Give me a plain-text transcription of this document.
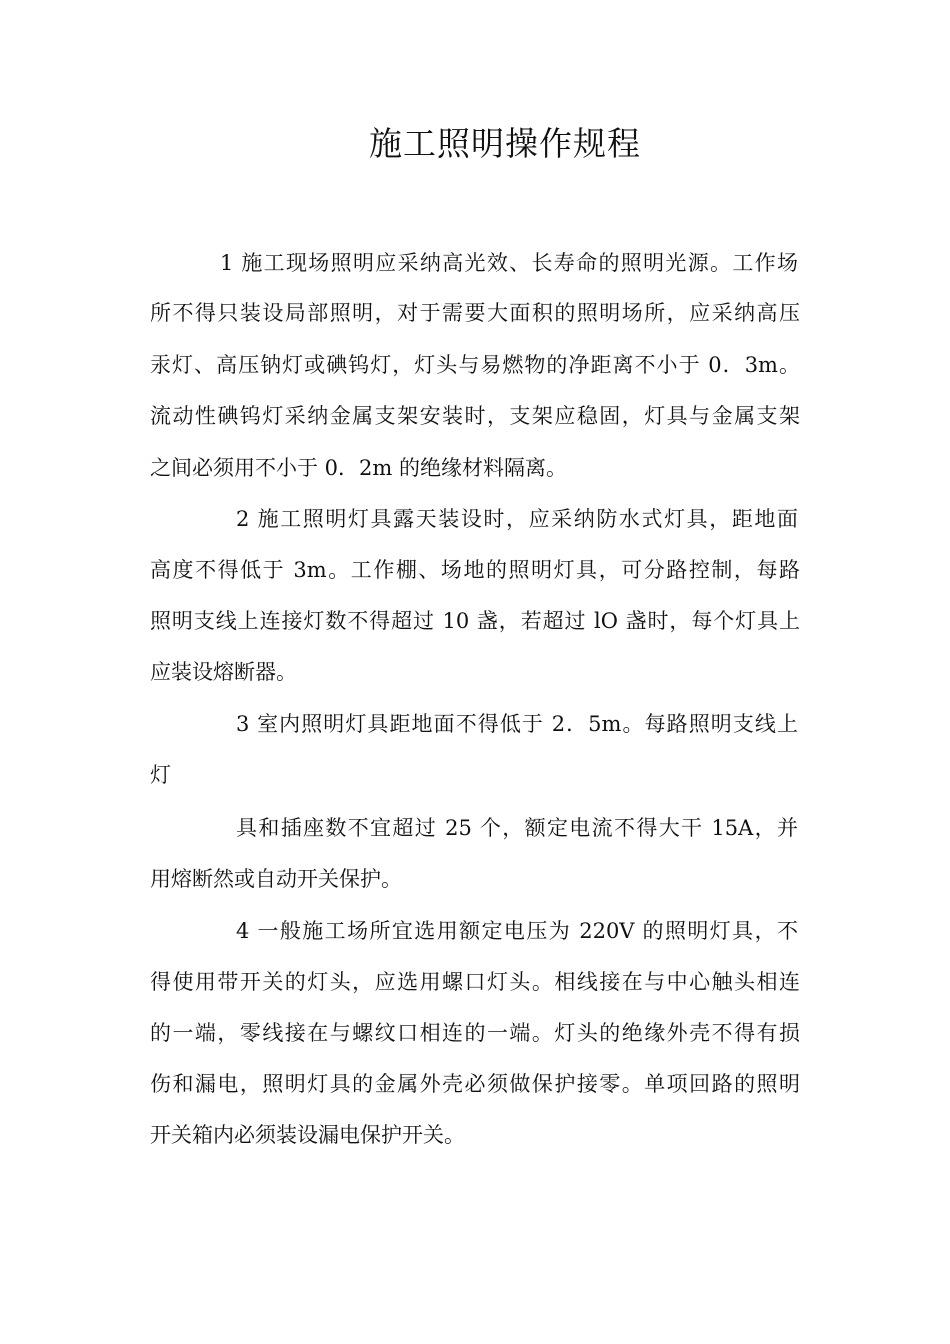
施工照明操作规程
1 施工现场照明应采纳高光效、长寿命的照明光源。工作场
所不得只装设局部照明，对于需要大面积的照明场所，应采纳高压
汞灯、高压钠灯或碘钨灯，灯头与易燃物的净距离不小于 0．3m。
流动性碘钨灯采纳金属支架安装时，支架应稳固，灯具与金属支架
之间必须用不小于 0．2m 的绝缘材料隔离。
2 施工照明灯具露天装设时，应采纳防水式灯具，距地面
高度不得低于 3m。工作棚、场地的照明灯具，可分路控制，每路
照明支线上连接灯数不得超过 10 盏，若超过 lO 盏时，每个灯具上
应装设熔断器。
3 室内照明灯具距地面不得低于 2．5m。每路照明支线上
灯
具和插座数不宜超过 25 个，额定电流不得大干 15A，并
用熔断然或自动开关保护。
4 一般施工场所宜选用额定电压为 220V 的照明灯具，不
得使用带开关的灯头，应选用螺口灯头。相线接在与中心触头相连
的一端，零线接在与螺纹口相连的一端。灯头的绝缘外壳不得有损
伤和漏电，照明灯具的金属外壳必须做保护接零。单项回路的照明
开关箱内必须装设漏电保护开关。
